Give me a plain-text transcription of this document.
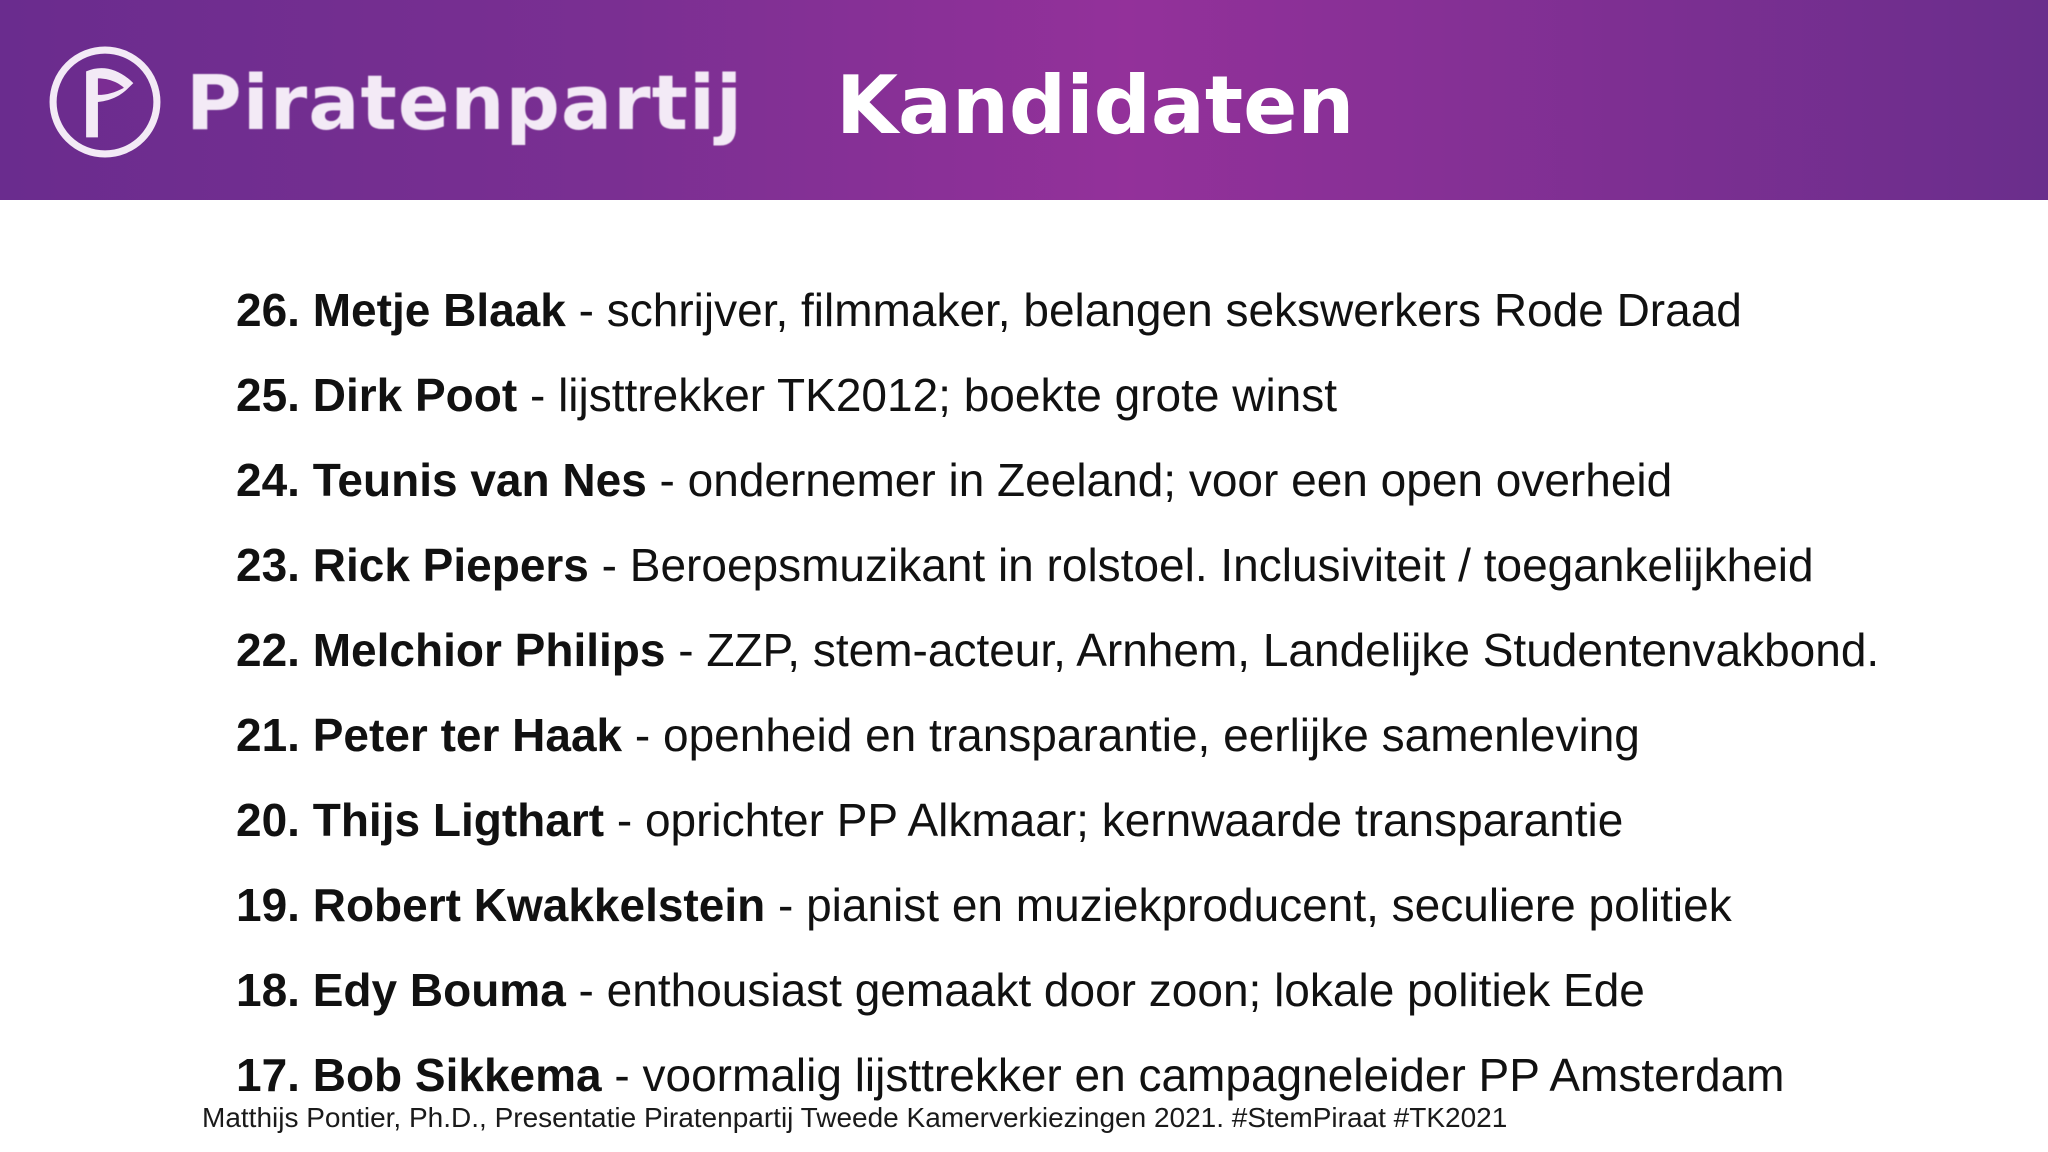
Piratenpartij Kandidaten
26. Metje Blaak - schrijver, filmmaker, belangen sekswerkers Rode Draad
25. Dirk Poot - lijsttrekker TK2012; boekte grote winst
24. Teunis van Nes - ondernemer in Zeeland; voor een open overheid
23. Rick Piepers - Beroepsmuzikant in rolstoel. Inclusiviteit / toegankelijkheid
22. Melchior Philips - ZZP, stem-acteur, Arnhem, Landelijke Studentenvakbond.
21. Peter ter Haak - openheid en transparantie, eerlijke samenleving
20. Thijs Ligthart - oprichter PP Alkmaar; kernwaarde transparantie
19. Robert Kwakkelstein - pianist en muziekproducent, seculiere politiek
18. Edy Bouma - enthousiast gemaakt door zoon; lokale politiek Ede
17. Bob Sikkema - voormalig lijsttrekker en campagneleider PP Amsterdam
Matthijs Pontier, Ph.D., Presentatie Piratenpartij Tweede Kamerverkiezingen 2021. #StemPiraat #TK2021
